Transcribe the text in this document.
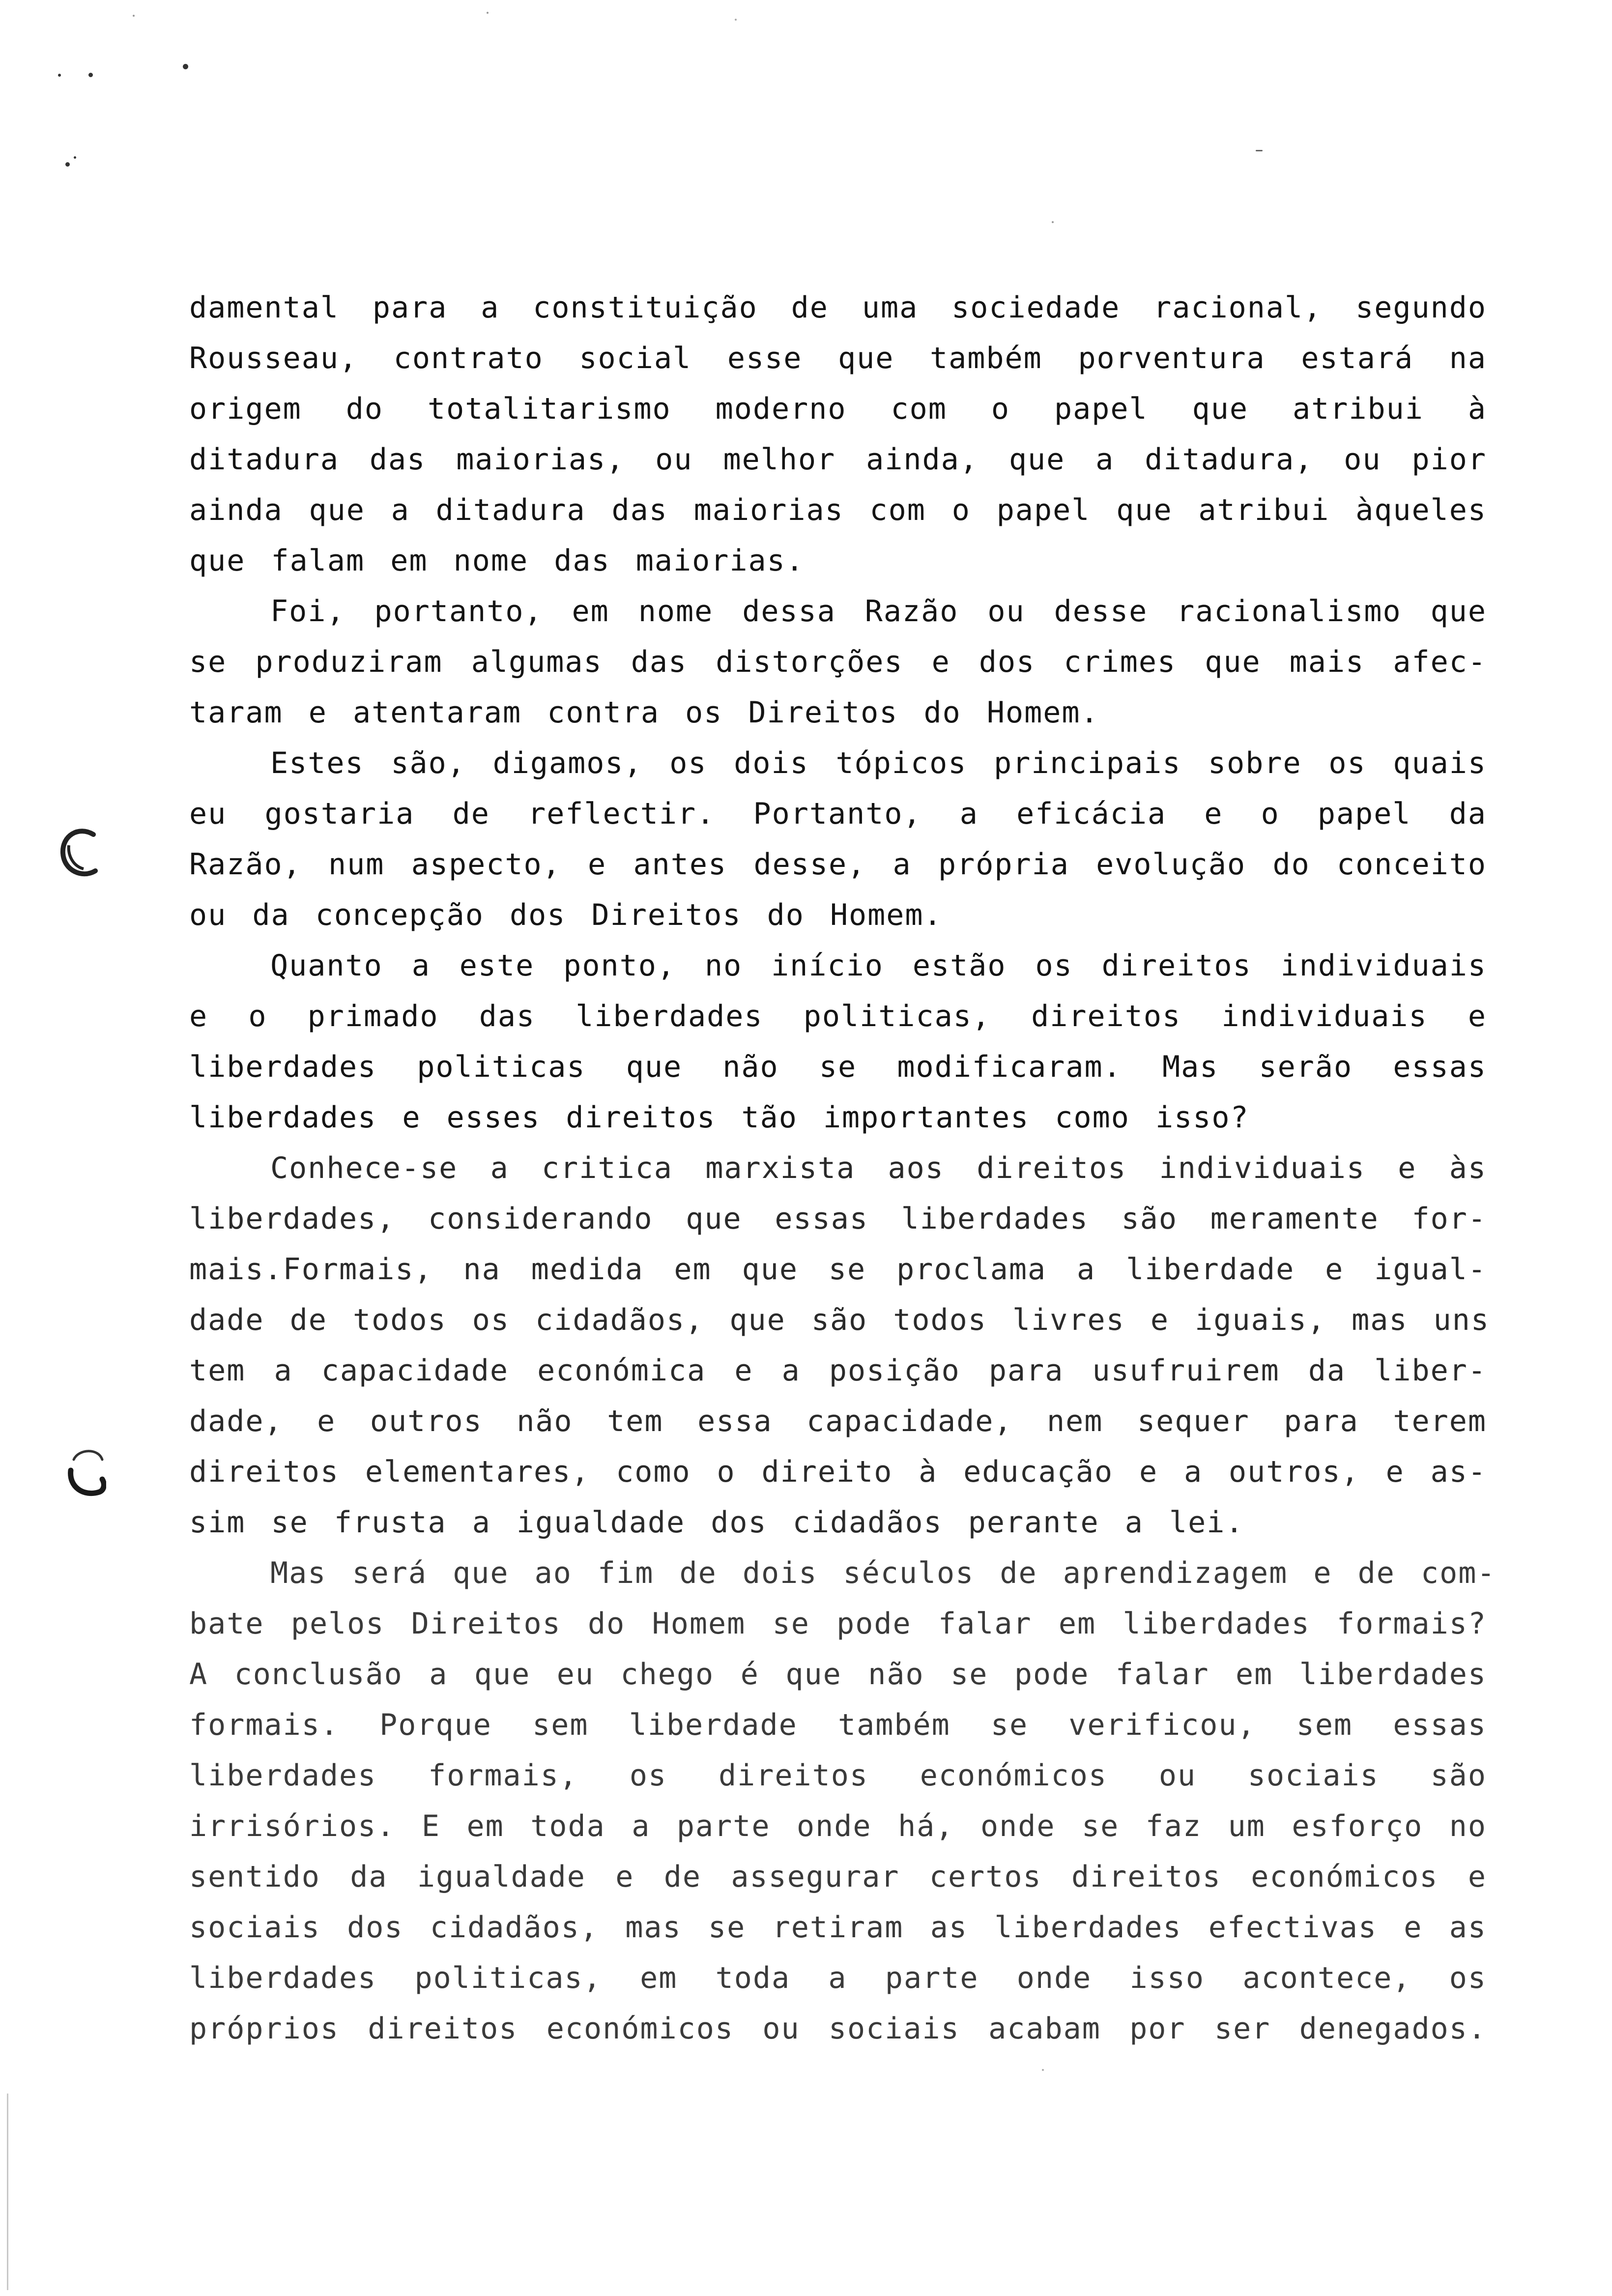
damental para a constituição de uma sociedade racional, segundo
Rousseau, contrato social esse que também porventura estará na
origem do totalitarismo moderno com o papel que atribui à
ditadura das maiorias, ou melhor ainda, que a ditadura, ou pior
ainda que a ditadura das maiorias com o papel que atribui àqueles
que falam em nome das maiorias.
Foi, portanto, em nome dessa Razão ou desse racionalismo que
se produziram algumas das distorções e dos crimes que mais afec-
taram e atentaram contra os Direitos do Homem.
Estes são, digamos, os dois tópicos principais sobre os quais
eu gostaria de reflectir. Portanto, a eficácia e o papel da
Razão, num aspecto, e antes desse, a própria evolução do conceito
ou da concepção dos Direitos do Homem.
Quanto a este ponto, no início estão os direitos individuais
e o primado das liberdades politicas, direitos individuais e
liberdades politicas que não se modificaram. Mas serão essas
liberdades e esses direitos tão importantes como isso?
Conhece-se a critica marxista aos direitos individuais e às
liberdades, considerando que essas liberdades são meramente for-
mais.Formais, na medida em que se proclama a liberdade e igual-
dade de todos os cidadãos, que são todos livres e iguais, mas uns
tem a capacidade económica e a posição para usufruirem da liber-
dade, e outros não tem essa capacidade, nem sequer para terem
direitos elementares, como o direito à educação e a outros, e as-
sim se frusta a igualdade dos cidadãos perante a lei.
Mas será que ao fim de dois séculos de aprendizagem e de com-
bate pelos Direitos do Homem se pode falar em liberdades formais?
A conclusão a que eu chego é que não se pode falar em liberdades
formais. Porque sem liberdade também se verificou, sem essas
liberdades formais, os direitos económicos ou sociais são
irrisórios. E em toda a parte onde há, onde se faz um esforço no
sentido da igualdade e de assegurar certos direitos económicos e
sociais dos cidadãos, mas se retiram as liberdades efectivas e as
liberdades politicas, em toda a parte onde isso acontece, os
próprios direitos económicos ou sociais acabam por ser denegados.
